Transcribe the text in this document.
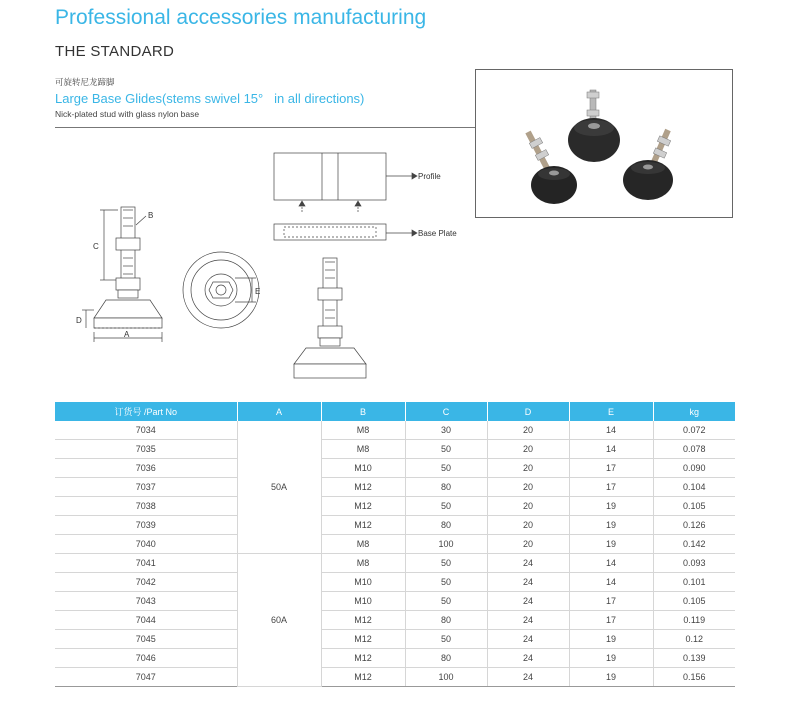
Professional accessories manufacturing
THE STANDARD
可旋转尼龙蹄脚
Large Base Glides(stems swivel 15°   in all directions)
Nick-plated stud with glass nylon base
C
B
D
A
E
Profile
Base Plate
订货号 /Part No	A	B	C	D	E	kg
7034	50A	M8	30	20	14	0.072
7035		M8	50	20	14	0.078
7036		M10	50	20	17	0.090
7037		M12	80	20	17	0.104
7038		M12	50	20	19	0.105
7039		M12	80	20	19	0.126
7040		M8	100	20	19	0.142
7041	60A	M8	50	24	14	0.093
7042		M10	50	24	14	0.101
7043		M10	50	24	17	0.105
7044		M12	80	24	17	0.119
7045		M12	50	24	19	0.12
7046		M12	80	24	19	0.139
7047		M12	100	24	19	0.156
